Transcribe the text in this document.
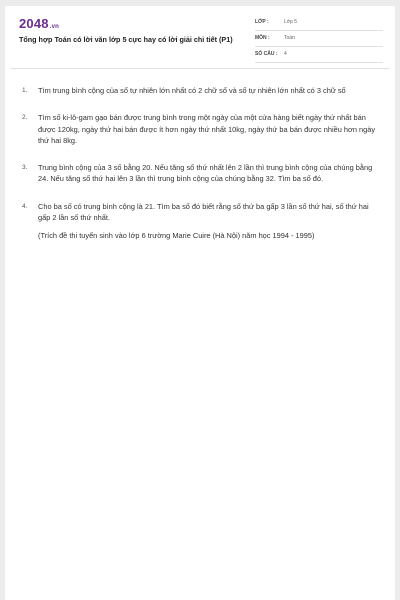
2048.vn
Tổng hợp Toán có lời văn lớp 5 cực hay có lời giải chi tiết (P1)
LỚP :	Lớp 5
MÔN :	Toán
SỐ CÂU : 4
1. Tìm trung bình cộng của số tự nhiên lớn nhất có 2 chữ số và số tự nhiên lớn nhất có 3 chữ số

2. Tìm số ki-lô-gam gạo bán được trung bình trong một ngày của một cửa hàng biết ngày thứ nhất bán được 120kg, ngày thứ hai bán được ít hơn ngày thứ nhất 10kg, ngày thứ ba bán được nhiều hơn ngày thứ hai 8kg.

3. Trung bình cộng của 3 số bằng 20. Nếu tăng số thứ nhất lên 2 lần thì trung bình cộng của chúng bằng 24. Nếu tăng số thứ hai lên 3 lần thì trung bình cộng của chúng bằng 32. Tìm ba số đó.

4. Cho ba số có trung bình cộng là 21. Tìm ba số đó biết rằng số thứ ba gấp 3 lần số thứ hai, số thứ hai gấp 2 lần số thứ nhất.

(Trích đề thi tuyển sinh vào lớp 6 trường Marie Cuire (Hà Nội) năm học 1994 - 1995)
